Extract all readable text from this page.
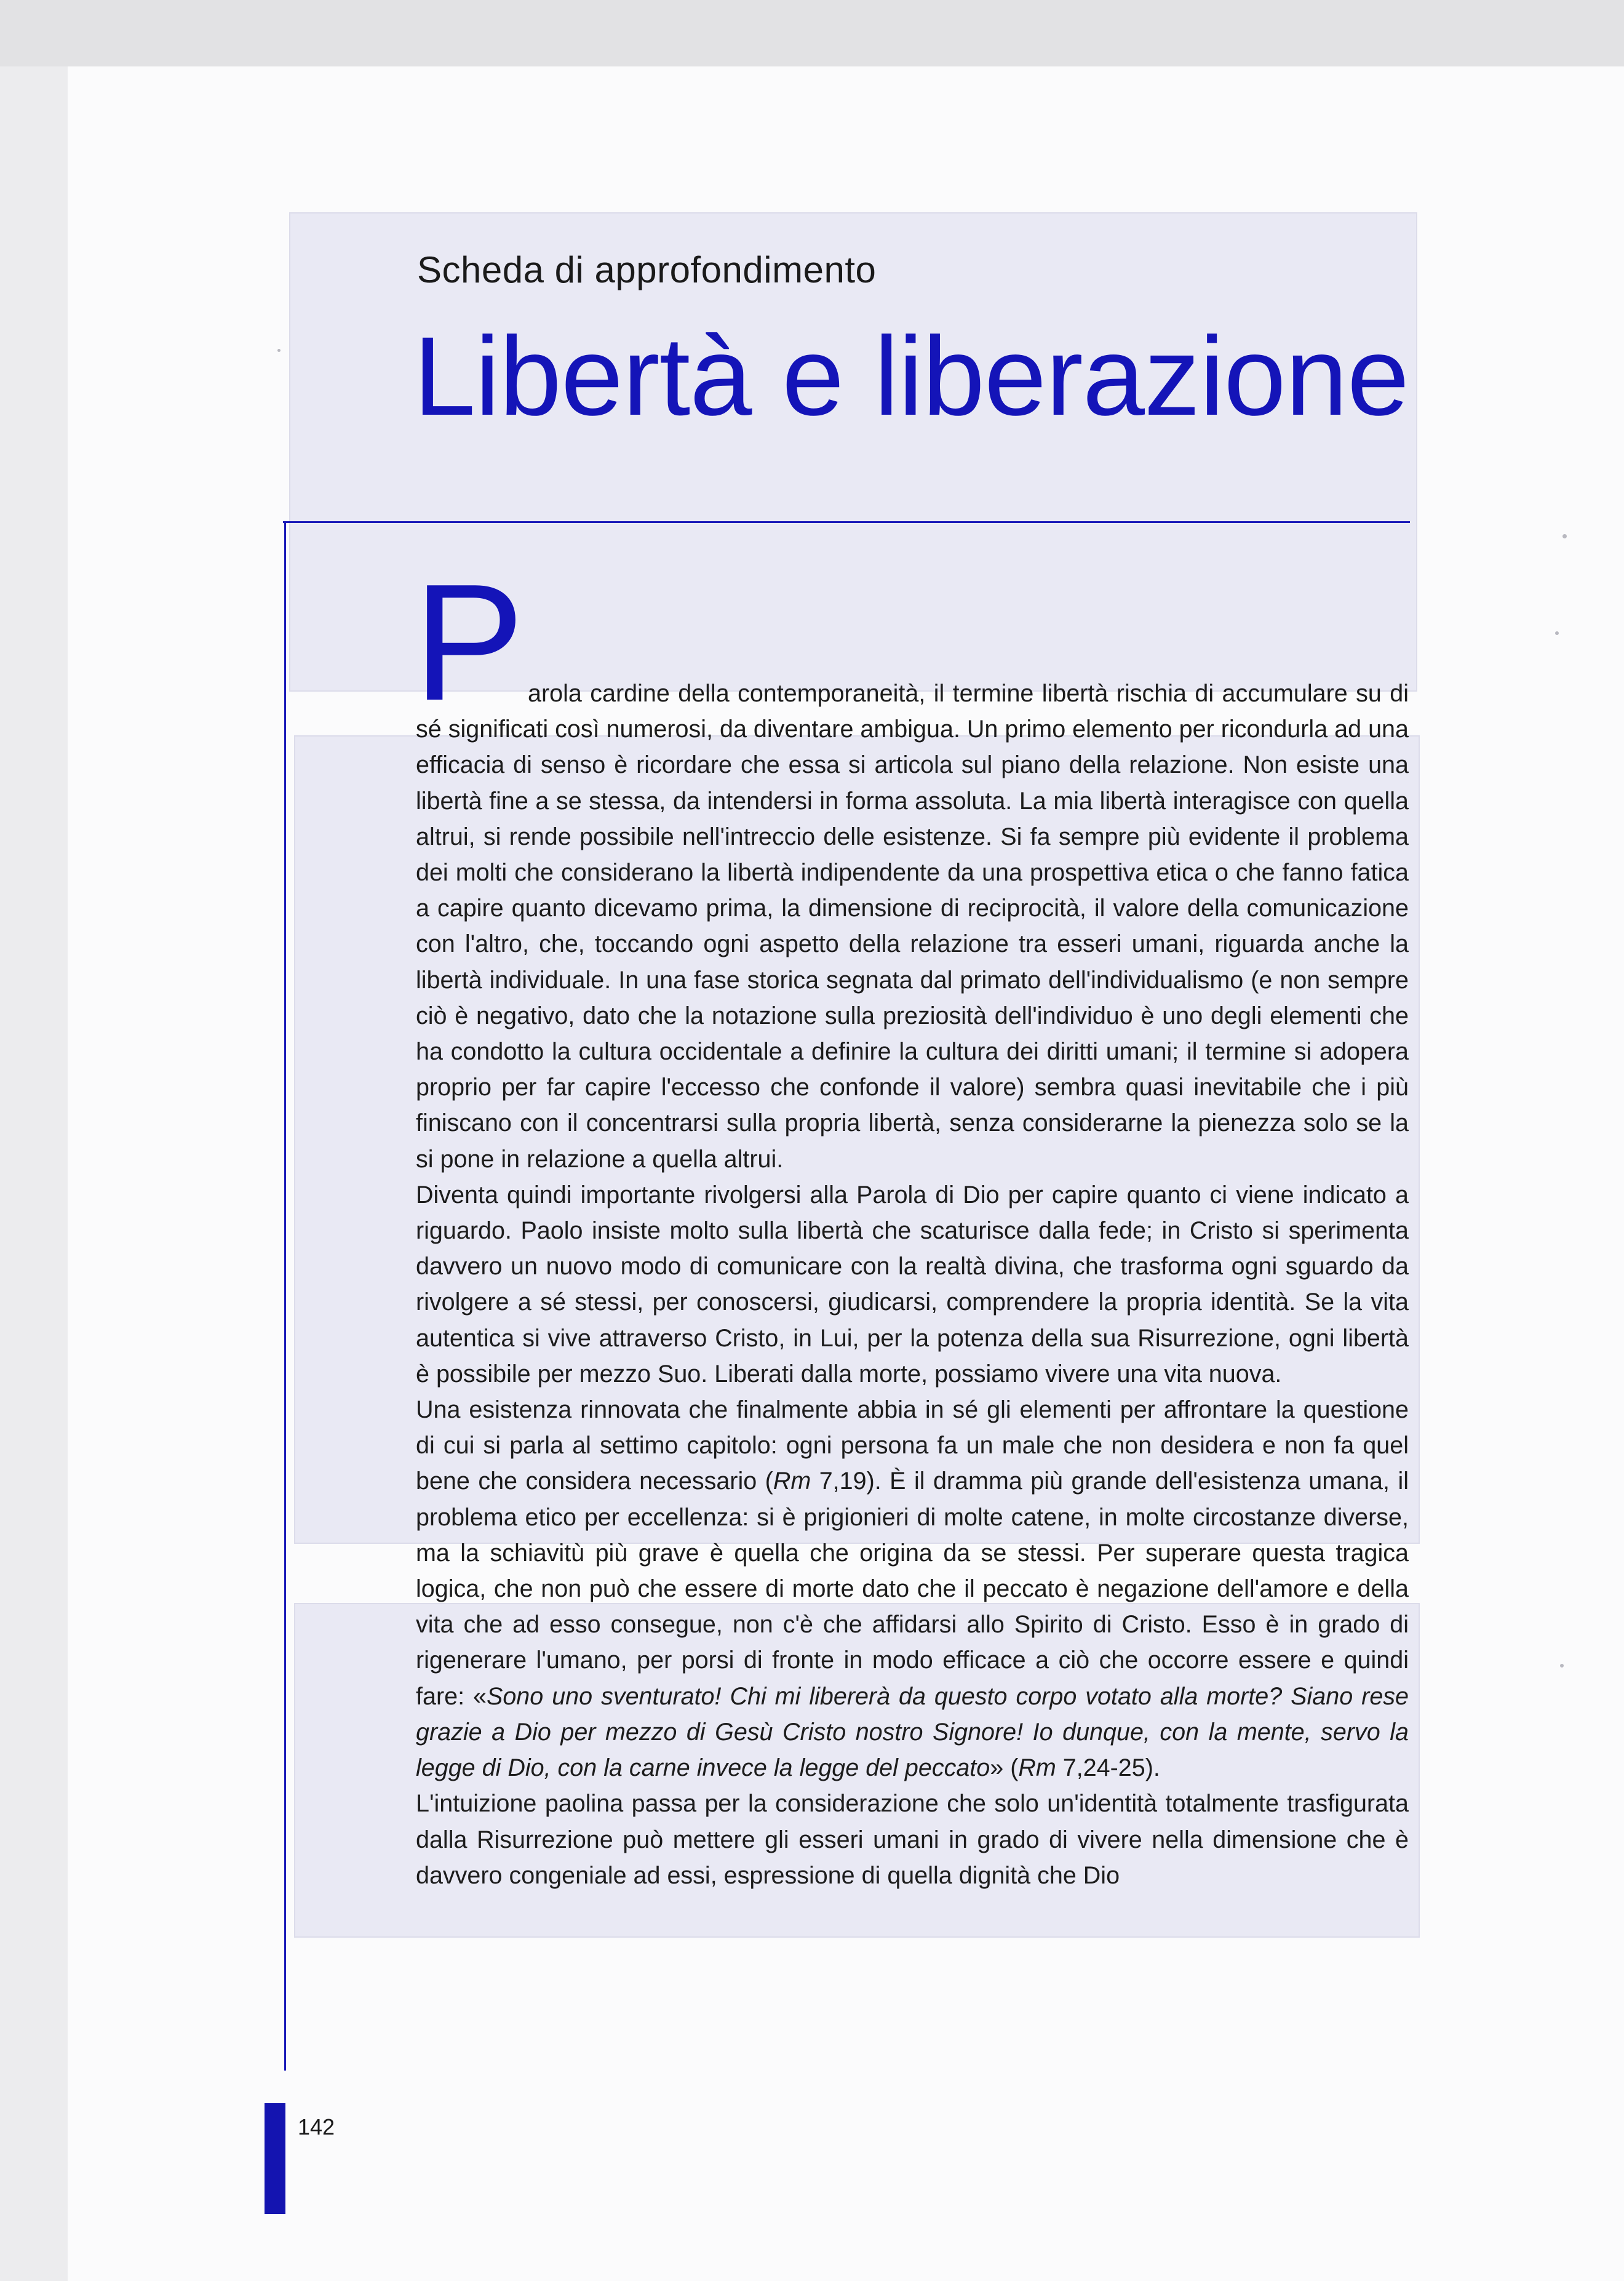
Scheda di approfondimento
Libertà e liberazione
P arola cardine della contemporaneità, il termine libertà rischia di accumulare su di sé significati così numerosi, da diventare ambigua. Un primo elemento per ricondurla ad una efficacia di senso è ricordare che essa si articola sul piano della relazione. Non esiste una libertà fine a se stessa, da intendersi in forma assoluta. La mia libertà interagisce con quella altrui, si rende possibile nell'intreccio delle esistenze. Si fa sempre più evidente il problema dei molti che considerano la libertà indipendente da una prospettiva etica o che fanno fatica a capire quanto dicevamo prima, la dimensione di reciprocità, il valore della comunicazione con l'altro, che, toccando ogni aspetto della relazione tra esseri umani, riguarda anche la libertà individuale. In una fase storica segnata dal primato dell'individualismo (e non sempre ciò è negativo, dato che la notazione sulla preziosità dell'individuo è uno degli elementi che ha condotto la cultura occidentale a definire la cultura dei diritti umani; il termine si adopera proprio per far capire l'eccesso che confonde il valore) sembra quasi inevitabile che i più finiscano con il concentrarsi sulla propria libertà, senza considerarne la pienezza solo se la si pone in relazione a quella altrui.

Diventa quindi importante rivolgersi alla Parola di Dio per capire quanto ci viene indicato a riguardo. Paolo insiste molto sulla libertà che scaturisce dalla fede; in Cristo si sperimenta davvero un nuovo modo di comunicare con la realtà divina, che trasforma ogni sguardo da rivolgere a sé stessi, per conoscersi, giudicarsi, comprendere la propria identità. Se la vita autentica si vive attraverso Cristo, in Lui, per la potenza della sua Risurrezione, ogni libertà è possibile per mezzo Suo. Liberati dalla morte, possiamo vivere una vita nuova.

Una esistenza rinnovata che finalmente abbia in sé gli elementi per affrontare la questione di cui si parla al settimo capitolo: ogni persona fa un male che non desidera e non fa quel bene che considera necessario (Rm 7,19). È il dramma più grande dell'esistenza umana, il problema etico per eccellenza: si è prigionieri di molte catene, in molte circostanze diverse, ma la schiavitù più grave è quella che origina da se stessi. Per superare questa tragica logica, che non può che essere di morte dato che il peccato è negazione dell'amore e della vita che ad esso consegue, non c'è che affidarsi allo Spirito di Cristo. Esso è in grado di rigenerare l'umano, per porsi di fronte in modo efficace a ciò che occorre essere e quindi fare: «Sono uno sventurato! Chi mi libererà da questo corpo votato alla morte? Siano rese grazie a Dio per mezzo di Gesù Cristo nostro Signore! Io dunque, con la mente, servo la legge di Dio, con la carne invece la legge del peccato» (Rm 7,24-25).

L'intuizione paolina passa per la considerazione che solo un'identità totalmente trasfigurata dalla Risurrezione può mettere gli esseri umani in grado di vivere nella dimensione che è davvero congeniale ad essi, espressione di quella dignità che Dio

142
